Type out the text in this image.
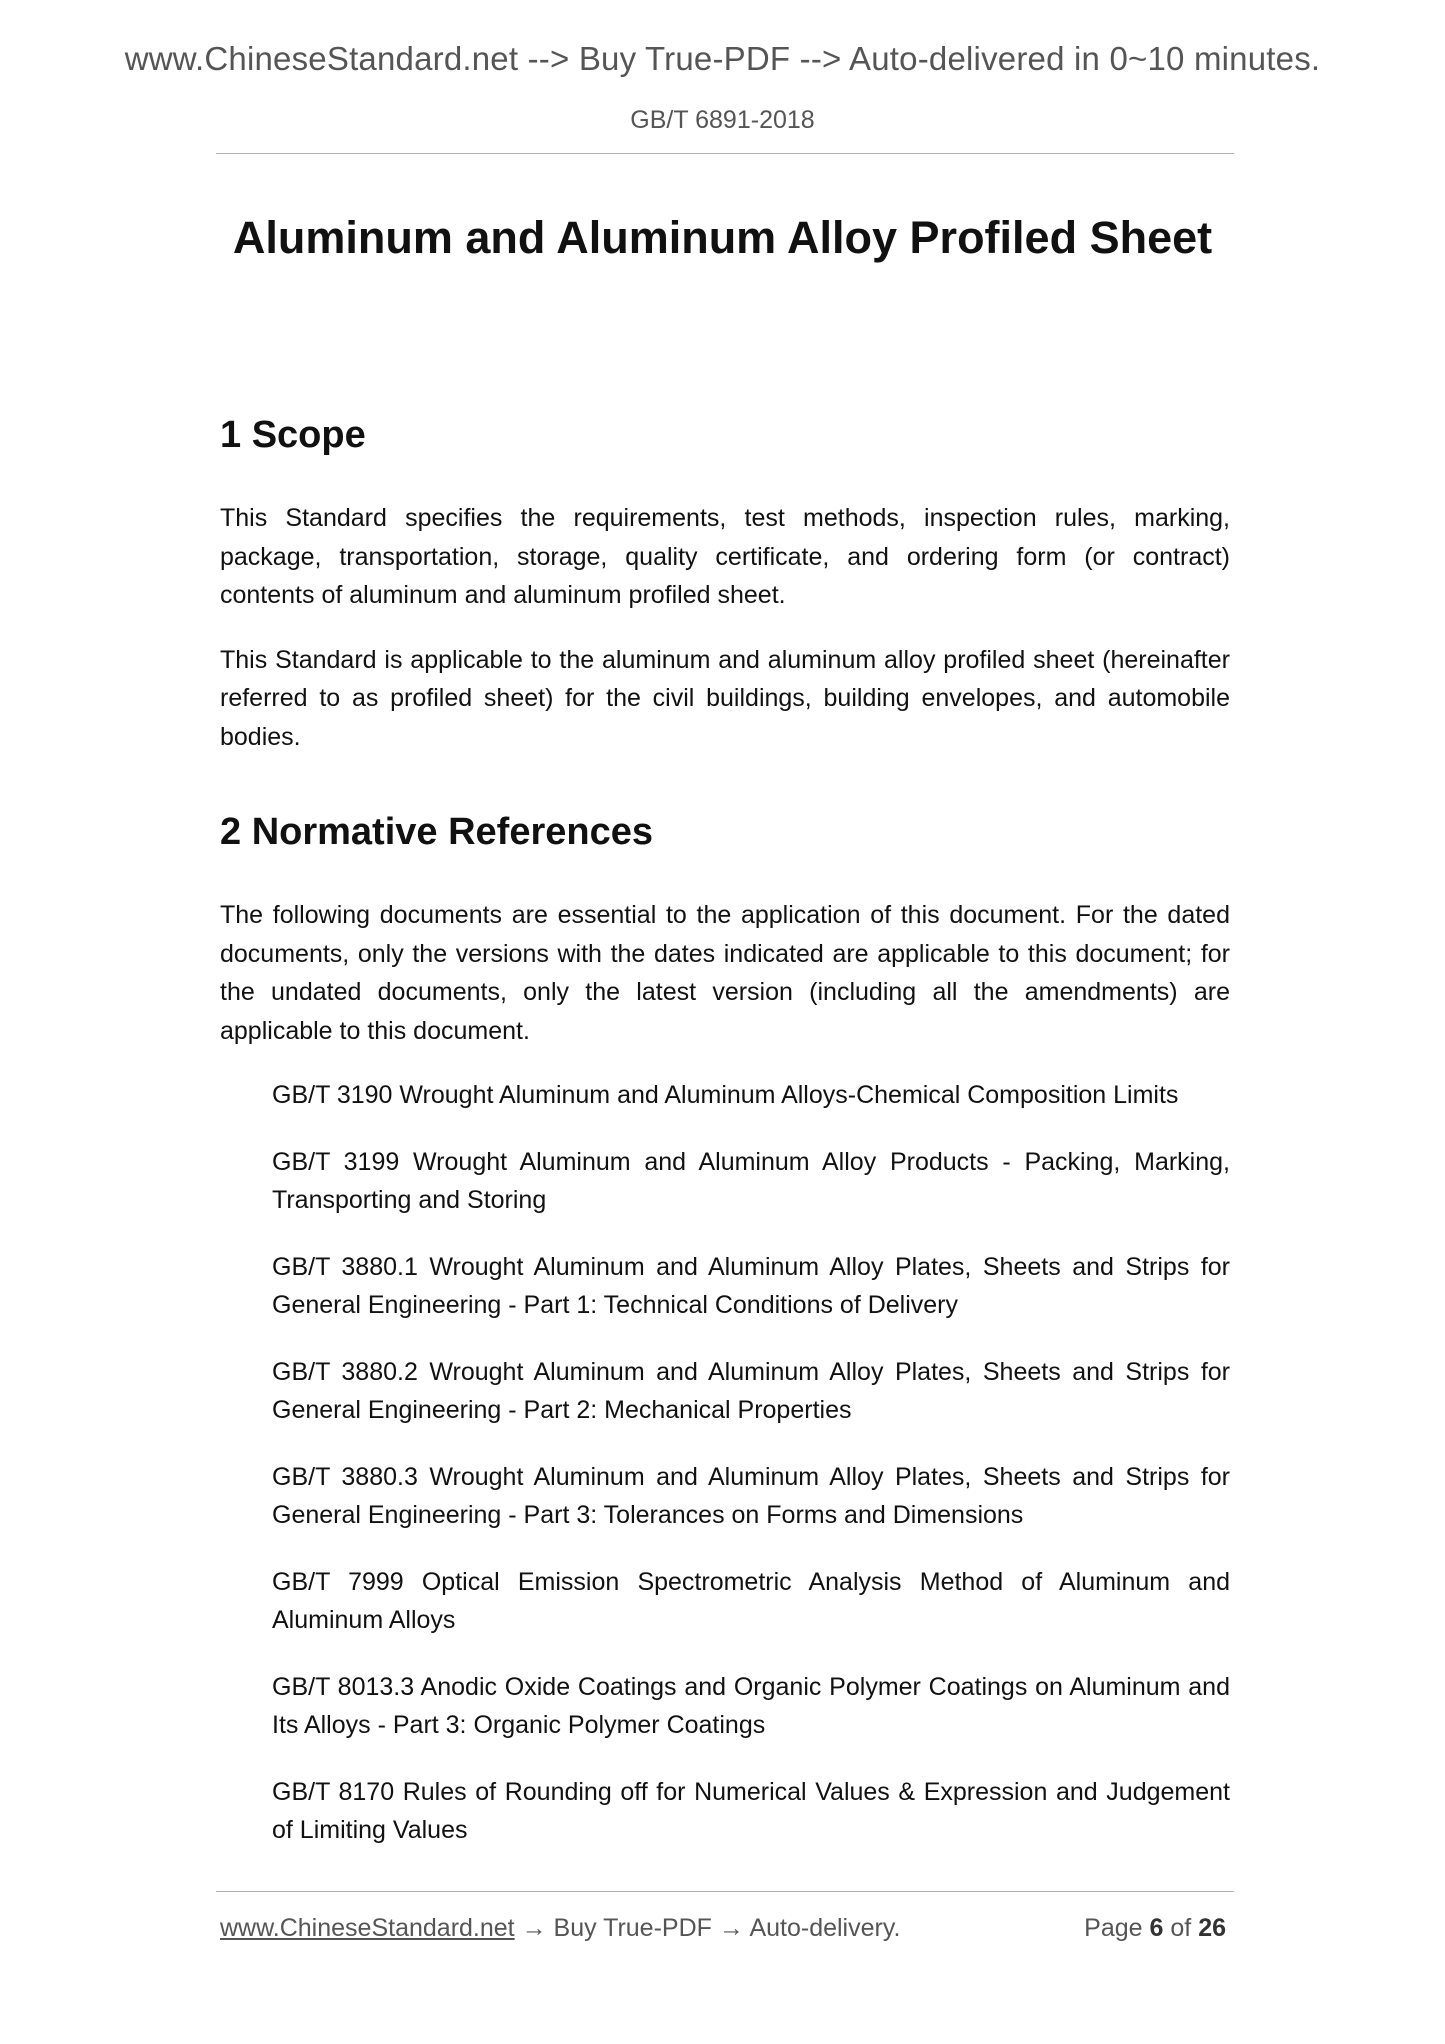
www.ChineseStandard.net --> Buy True-PDF --> Auto-delivered in 0~10 minutes.
GB/T 6891-2018
Aluminum and Aluminum Alloy Profiled Sheet
1 Scope

This Standard specifies the requirements, test methods, inspection rules, marking, package, transportation, storage, quality certificate, and ordering form (or contract) contents of aluminum and aluminum profiled sheet.

This Standard is applicable to the aluminum and aluminum alloy profiled sheet (hereinafter referred to as profiled sheet) for the civil buildings, building envelopes, and automobile bodies.

2 Normative References

The following documents are essential to the application of this document. For the dated documents, only the versions with the dates indicated are applicable to this document; for the undated documents, only the latest version (including all the amendments) are applicable to this document.

GB/T 3190 Wrought Aluminum and Aluminum Alloys-Chemical Composition Limits

GB/T 3199 Wrought Aluminum and Aluminum Alloy Products - Packing, Marking, Transporting and Storing

GB/T 3880.1 Wrought Aluminum and Aluminum Alloy Plates, Sheets and Strips for General Engineering - Part 1: Technical Conditions of Delivery

GB/T 3880.2 Wrought Aluminum and Aluminum Alloy Plates, Sheets and Strips for General Engineering - Part 2: Mechanical Properties

GB/T 3880.3 Wrought Aluminum and Aluminum Alloy Plates, Sheets and Strips for General Engineering - Part 3: Tolerances on Forms and Dimensions

GB/T 7999 Optical Emission Spectrometric Analysis Method of Aluminum and Aluminum Alloys

GB/T 8013.3 Anodic Oxide Coatings and Organic Polymer Coatings on Aluminum and Its Alloys - Part 3: Organic Polymer Coatings

GB/T 8170 Rules of Rounding off for Numerical Values & Expression and Judgement of Limiting Values

www.ChineseStandard.net → Buy True-PDF → Auto-delivery.	Page 6 of 26
